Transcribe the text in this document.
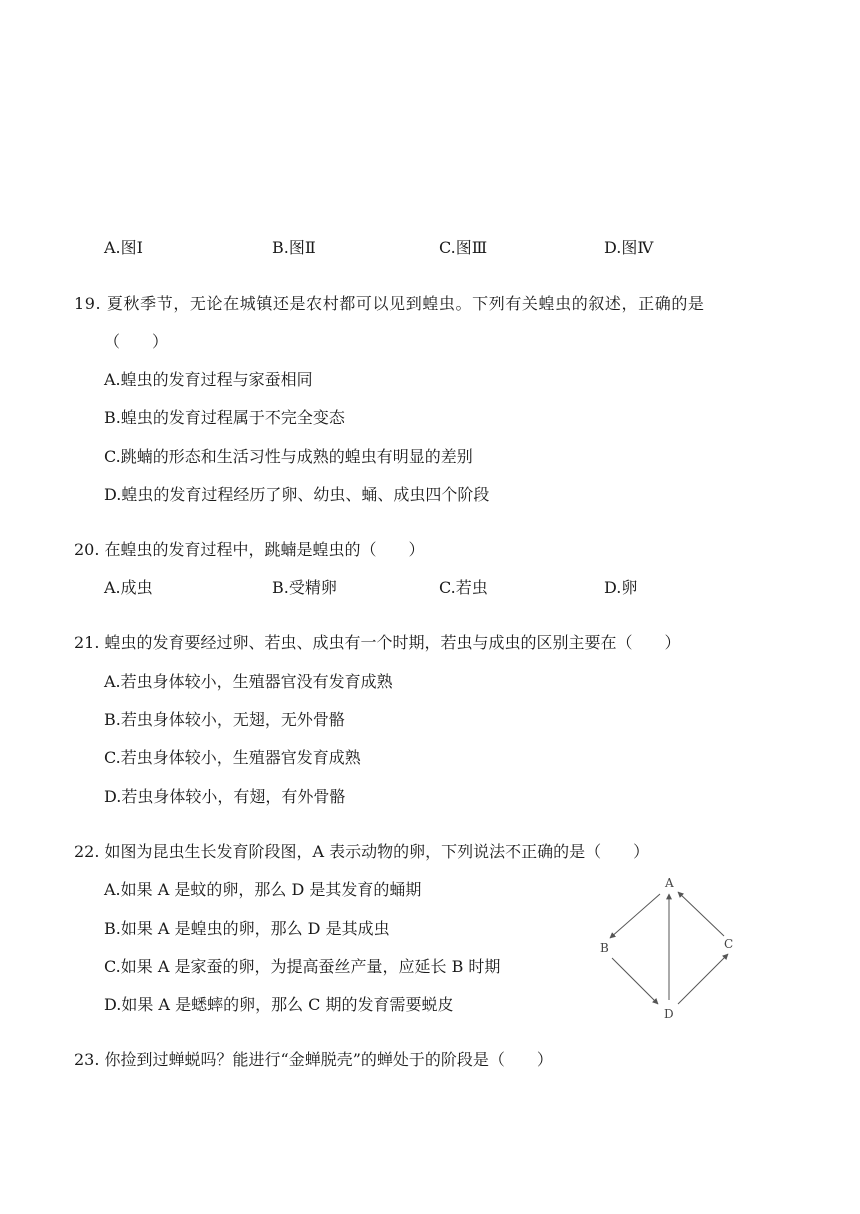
A.图Ⅰ	B.图Ⅱ	C.图Ⅲ	D.图Ⅳ
19. 夏秋季节，无论在城镇还是农村都可以见到蝗虫。下列有关蝗虫的叙述，正确的是
（　　）
A.蝗虫的发育过程与家蚕相同
B.蝗虫的发育过程属于不完全变态
C.跳蝻的形态和生活习性与成熟的蝗虫有明显的差别
D.蝗虫的发育过程经历了卵、幼虫、蛹、成虫四个阶段
20. 在蝗虫的发育过程中，跳蝻是蝗虫的（　　）
A.成虫	B.受精卵	C.若虫	D.卵
21. 蝗虫的发育要经过卵、若虫、成虫有一个时期，若虫与成虫的区别主要在（　　）
A.若虫身体较小，生殖器官没有发育成熟
B.若虫身体较小，无翅，无外骨骼
C.若虫身体较小，生殖器官发育成熟
D.若虫身体较小，有翅，有外骨骼
22. 如图为昆虫生长发育阶段图，A 表示动物的卵，下列说法不正确的是（　　）
A.如果 A 是蚊的卵，那么 D 是其发育的蛹期
B.如果 A 是蝗虫的卵，那么 D 是其成虫
C.如果 A 是家蚕的卵，为提高蚕丝产量，应延长 B 时期
D.如果 A 是蟋蟀的卵，那么 C 期的发育需要蜕皮
A
B	C
D
23. 你捡到过蝉蜕吗？能进行“金蝉脱壳”的蝉处于的阶段是（　　）
